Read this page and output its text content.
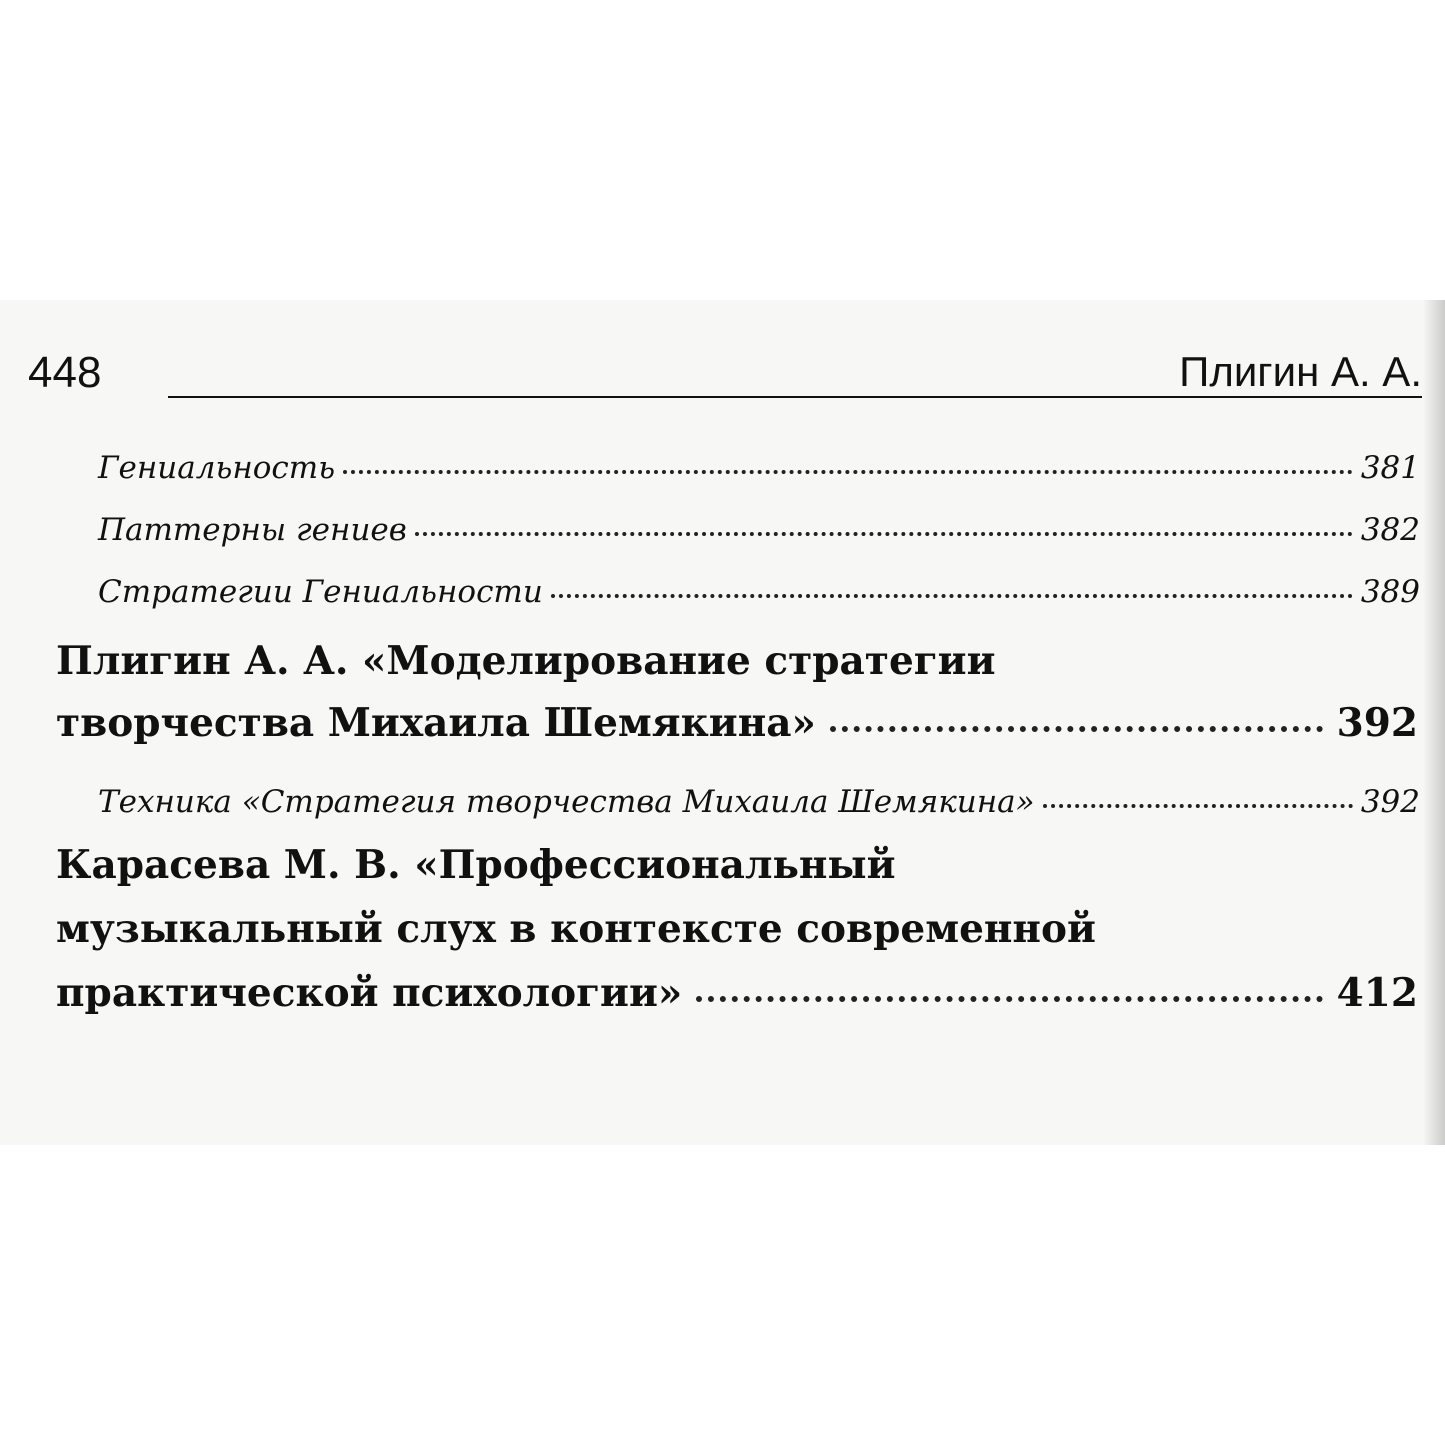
448	Плигин А. А.
Гениальность	381
Паттерны гениев	382
Стратегии Гениальности	389
Плигин А. А. «Моделирование стратегии
творчества Михаила Шемякина»	392
Техника «Стратегия творчества Михаила Шемякина»	392
Карасева М. В. «Профессиональный
музыкальный слух в контексте современной
практической психологии»	412
